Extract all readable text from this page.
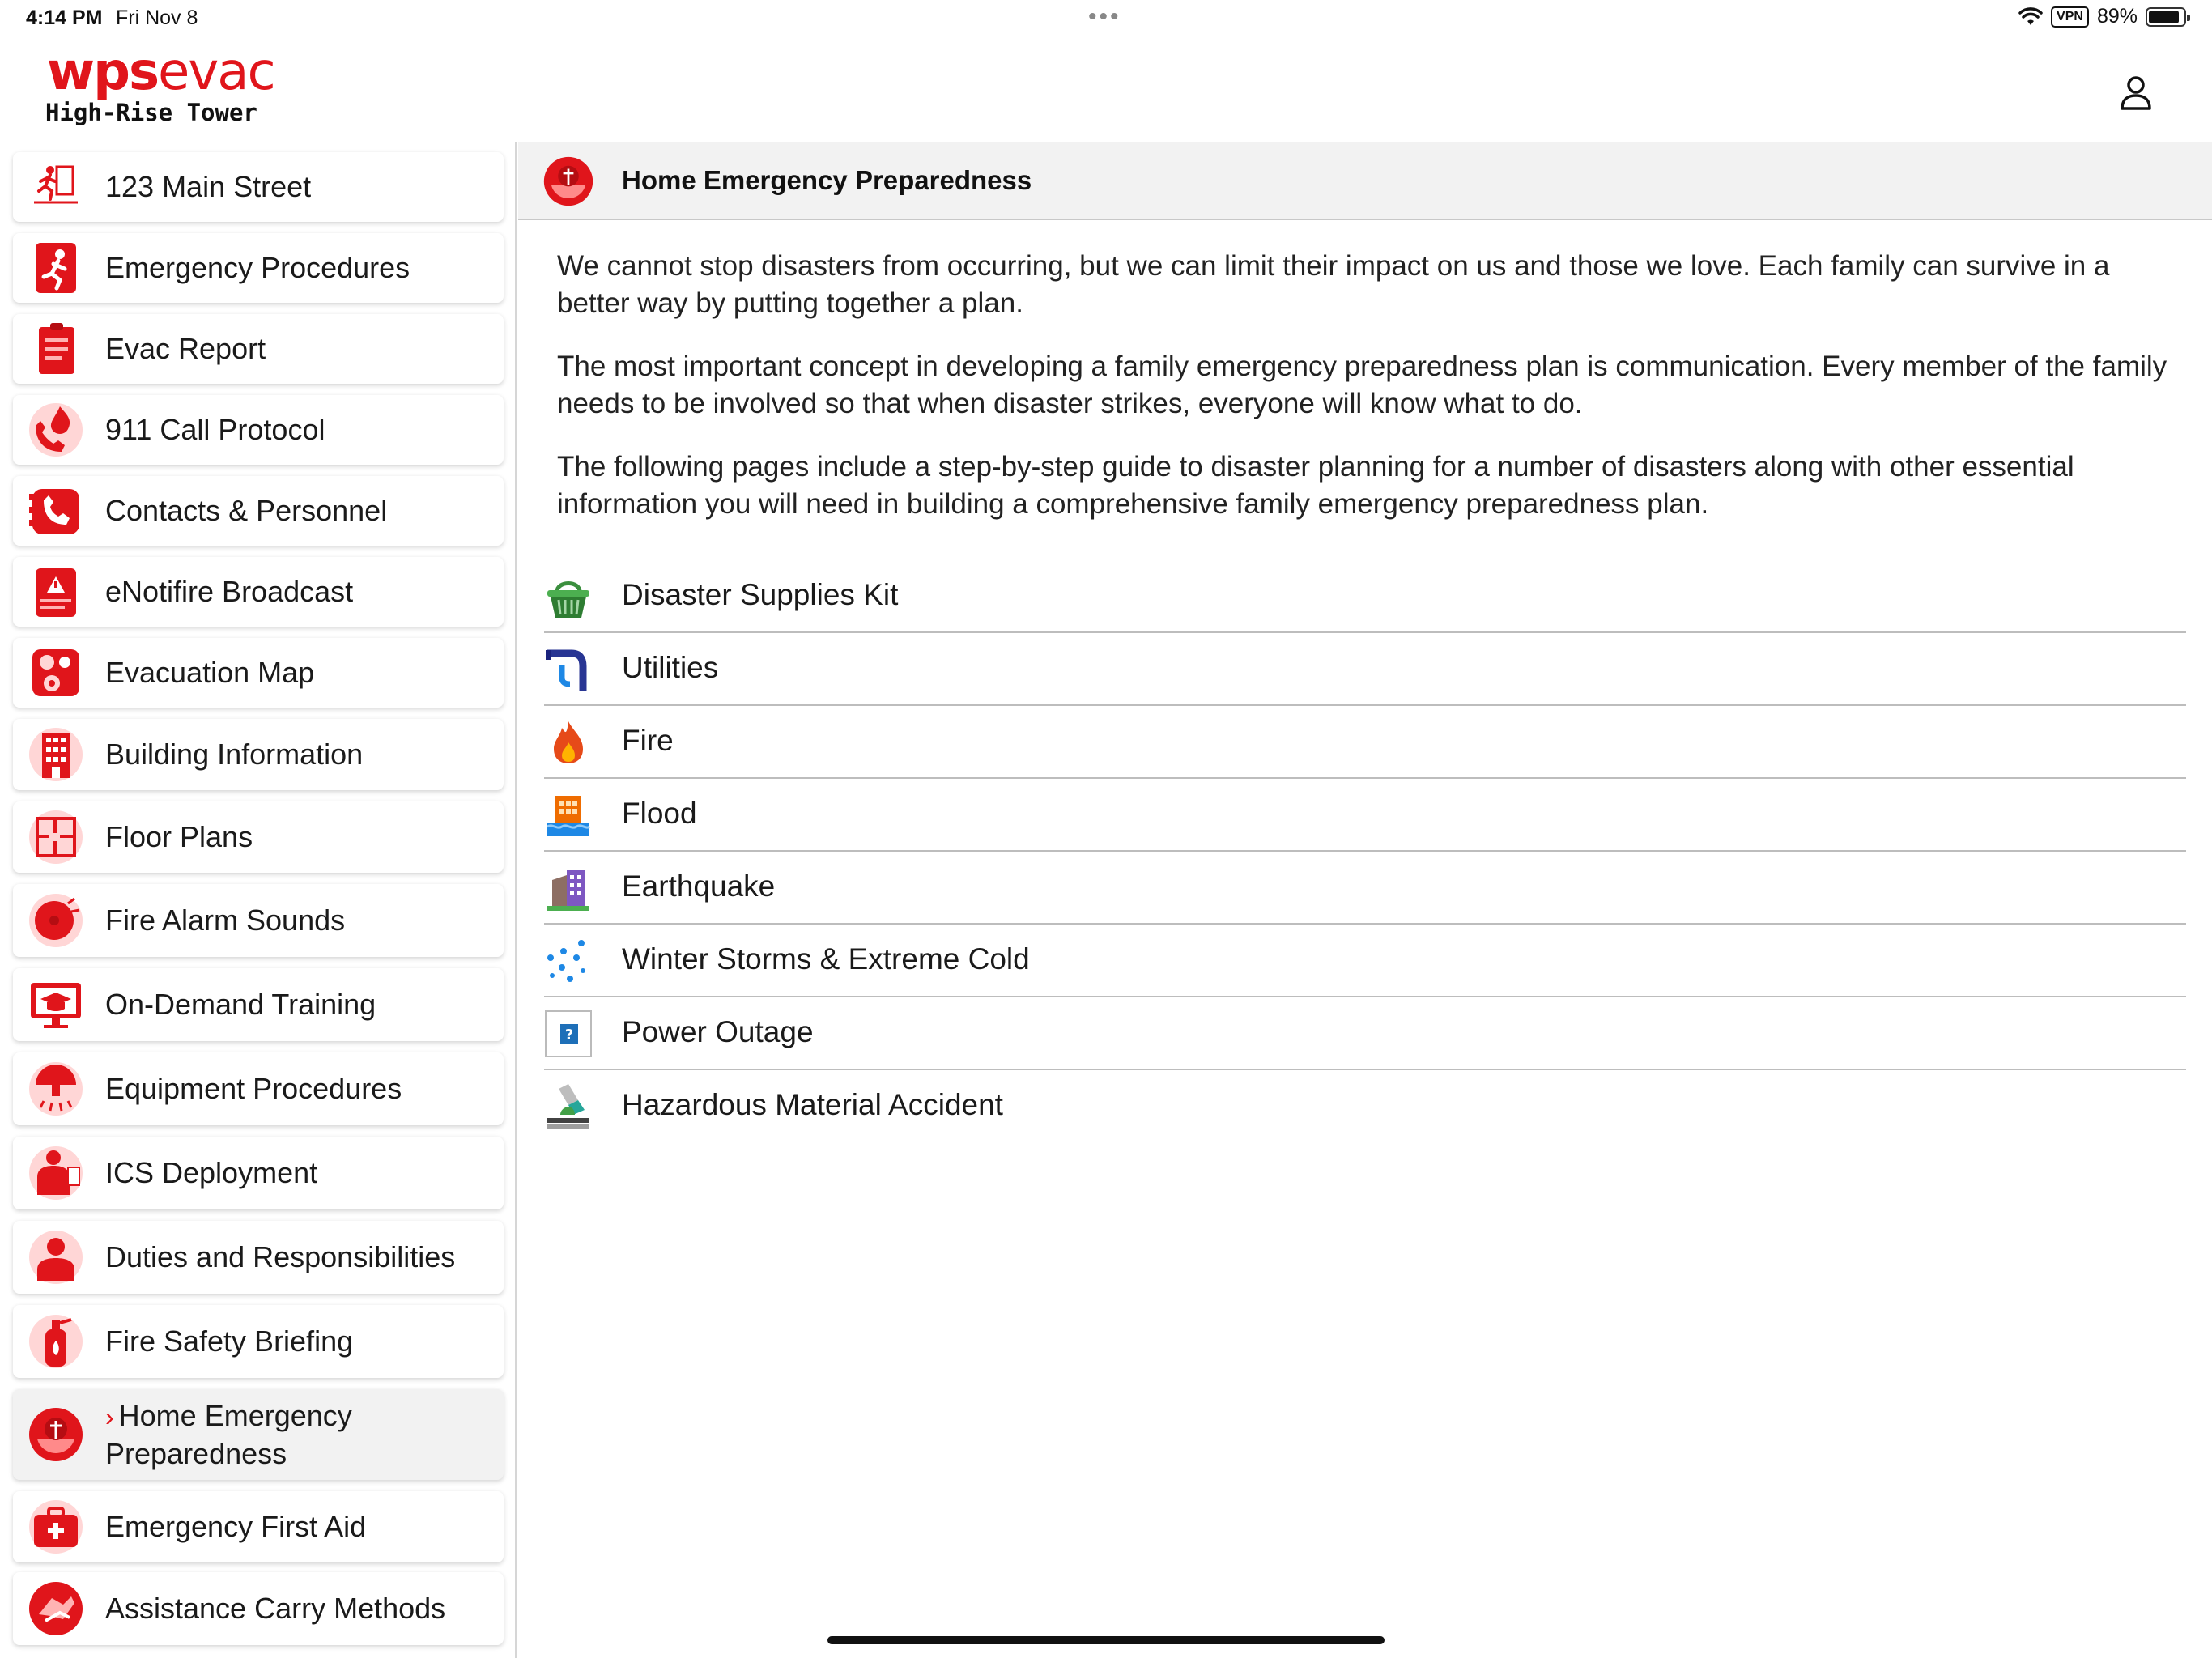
4:14 PM Fri Nov 8	•••	VPN 89%
wpsevac
High-Rise Tower
123 Main Street
Emergency Procedures
Evac Report
911 Call Protocol
Contacts & Personnel
eNotifire Broadcast
Evacuation Map
Building Information
Floor Plans
Fire Alarm Sounds
On-Demand Training
Equipment Procedures
ICS Deployment
Duties and Responsibilities
Fire Safety Briefing
› Home Emergency
Preparedness
Emergency First Aid
Assistance Carry Methods
Home Emergency Preparedness

We cannot stop disasters from occurring, but we can limit their impact on us and those we love. Each family can survive in a better way by putting together a plan.

The most important concept in developing a family emergency preparedness plan is communication. Every member of the family needs to be involved so that when disaster strikes, everyone will know what to do.

The following pages include a step-by-step guide to disaster planning for a number of disasters along with other essential information you will need in building a comprehensive family emergency preparedness plan.

Disaster Supplies Kit
Utilities
Fire
Flood
Earthquake
Winter Storms & Extreme Cold
? Power Outage
Hazardous Material Accident
